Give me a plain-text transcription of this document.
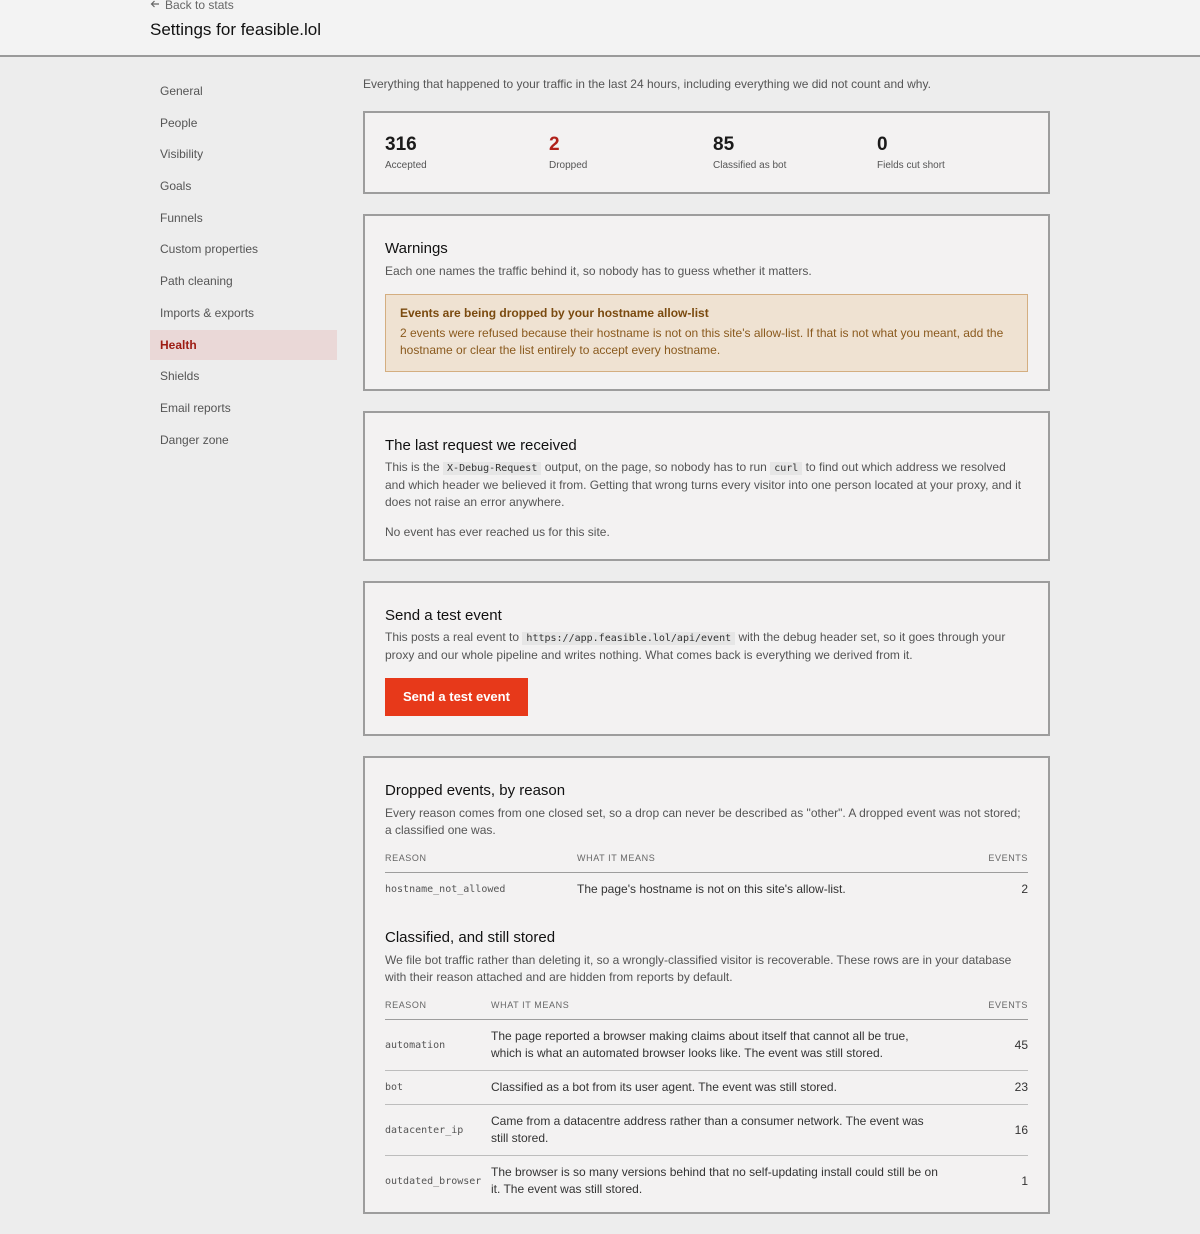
Back to stats
Settings for feasible.lol
General
People
Visibility
Goals
Funnels
Custom properties
Path cleaning
Imports & exports
Health
Shields
Email reports
Danger zone

Everything that happened to your traffic in the last 24 hours, including everything we did not count and why.

316
Accepted
2
Dropped
85
Classified as bot
0
Fields cut short
Warnings

Each one names the traffic behind it, so nobody has to guess whether it matters.

Events are being dropped by your hostname allow-list
2 events were refused because their hostname is not on this site's allow-list. If that is not what you meant, add the hostname or clear the list entirely to accept every hostname.
The last request we received

This is the X-Debug-Request output, on the page, so nobody has to run curl to find out which address we resolved and which header we believed it from. Getting that wrong turns every visitor into one person located at your proxy, and it does not raise an error anywhere.

No event has ever reached us for this site.

Send a test event

This posts a real event to https://app.feasible.lol/api/event with the debug header set, so it goes through your proxy and our whole pipeline and writes nothing. What comes back is everything we derived from it.

Send a test event
Dropped events, by reason

Every reason comes from one closed set, so a drop can never be described as "other". A dropped event was not stored; a classified one was.

REASON	WHAT IT MEANS	EVENTS
hostname_not_allowed	The page's hostname is not on this site's allow-list.	2
Classified, and still stored

We file bot traffic rather than deleting it, so a wrongly-classified visitor is recoverable. These rows are in your database with their reason attached and are hidden from reports by default.

REASON	WHAT IT MEANS	EVENTS
automation	The page reported a browser making claims about itself that cannot all be true, which is what an automated browser looks like. The event was still stored.	45
bot	Classified as a bot from its user agent. The event was still stored.	23
datacenter_ip	Came from a datacentre address rather than a consumer network. The event was still stored.	16
outdated_browser	The browser is so many versions behind that no self-updating install could still be on it. The event was still stored.	1
